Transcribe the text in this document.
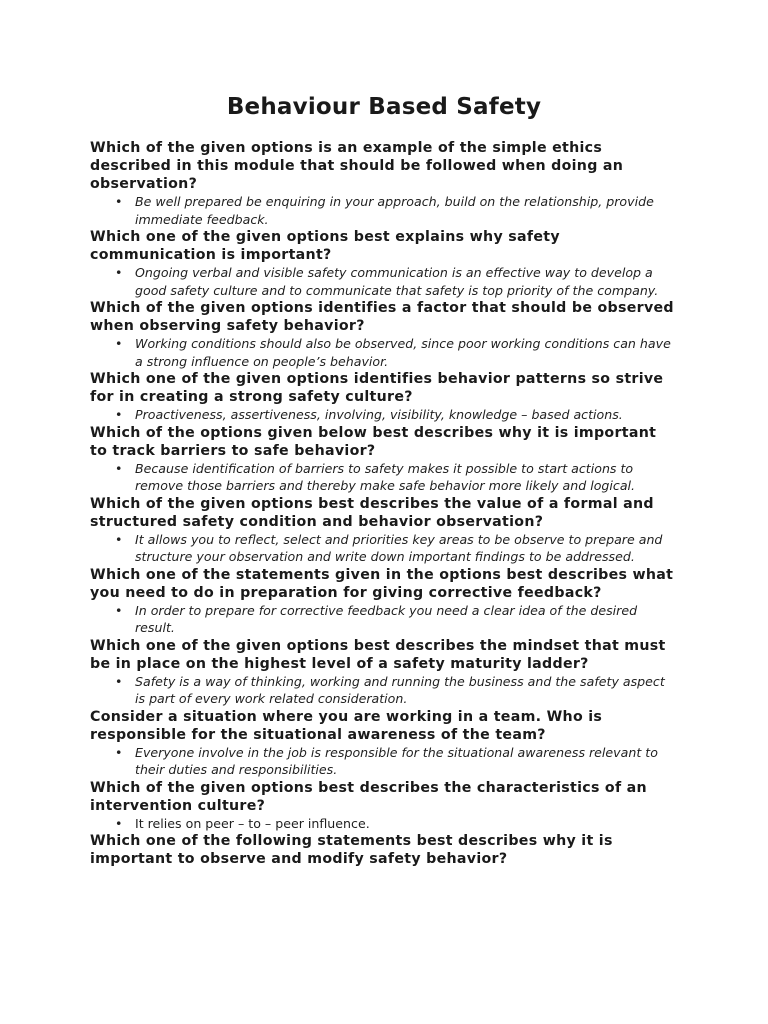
Behaviour Based Safety

Which of the given options is an example of the simple ethics described in this module that should be followed when doing an observation?

• Be well prepared be enquiring in your approach, build on the relationship, provide immediate feedback.

Which one of the given options best explains why safety communication is important?

• Ongoing verbal and visible safety communication is an effective way to develop a good safety culture and to communicate that safety is top priority of the company.

Which of the given options identifies a factor that should be observed when observing safety behavior?

• Working conditions should also be observed, since poor working conditions can have a strong influence on people’s behavior.

Which one of the given options identifies behavior patterns so strive for in creating a strong safety culture?

• Proactiveness, assertiveness, involving, visibility, knowledge – based actions.

Which of the options given below best describes why it is important to track barriers to safe behavior?

• Because identification of barriers to safety makes it possible to start actions to remove those barriers and thereby make safe behavior more likely and logical.

Which of the given options best describes the value of a formal and structured safety condition and behavior observation?

• It allows you to reflect, select and priorities key areas to be observe to prepare and structure your observation and write down important findings to be addressed.

Which one of the statements given in the options best describes what you need to do in preparation for giving corrective feedback?

• In order to prepare for corrective feedback you need a clear idea of the desired result.

Which one of the given options best describes the mindset that must be in place on the highest level of a safety maturity ladder?

• Safety is a way of thinking, working and running the business and the safety aspect is part of every work related consideration.

Consider a situation where you are working in a team. Who is responsible for the situational awareness of the team?

• Everyone involve in the job is responsible for the situational awareness relevant to their duties and responsibilities.

Which of the given options best describes the characteristics of an intervention culture?

• It relies on peer – to – peer influence.

Which one of the following statements best describes why it is important to observe and modify safety behavior?
